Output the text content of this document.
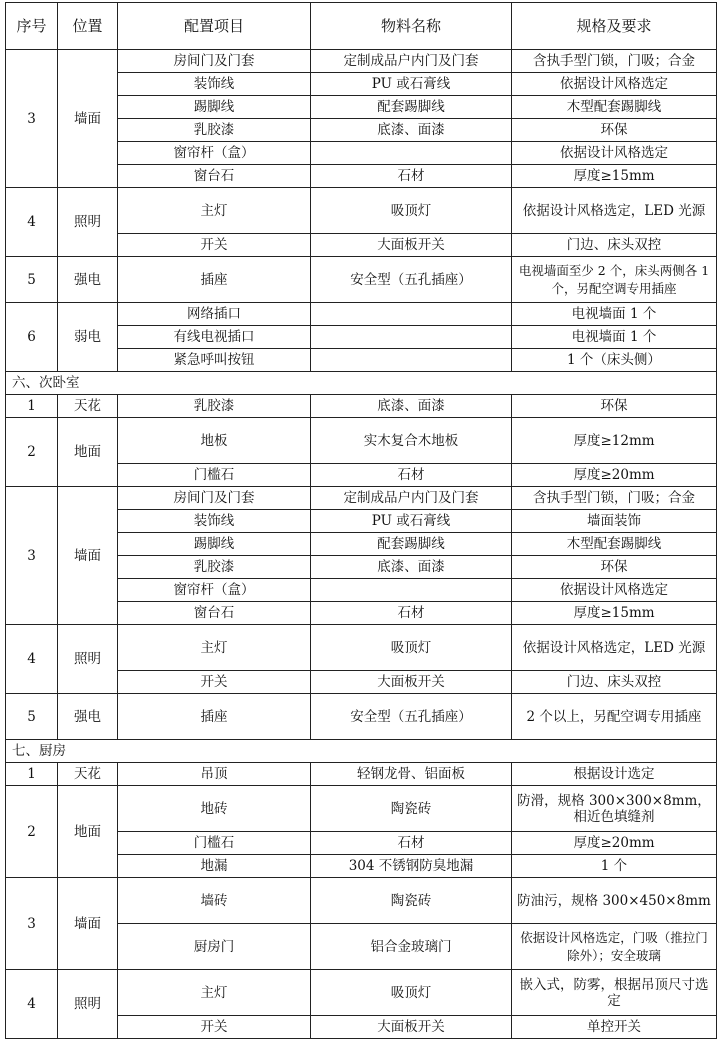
序号	位置	配置项目	物料名称	规格及要求
3	墙面	房间门及门套	定制成品户内门及门套	含执手型门锁，门吸；合金
		装饰线	PU 或石膏线	依据设计风格选定
		踢脚线	配套踢脚线	木型配套踢脚线
		乳胶漆	底漆、面漆	环保
		窗帘杆（盒）		依据设计风格选定
		窗台石	石材	厚度≥15mm
4	照明	主灯	吸顶灯	依据设计风格选定，LED 光源
		开关	大面板开关	门边、床头双控
5	强电	插座	安全型（五孔插座）	电视墙面至少 2 个，床头两侧各 1 个，另配空调专用插座
6	弱电	网络插口		电视墙面 1 个
		有线电视插口		电视墙面 1 个
		紧急呼叫按钮		1 个（床头侧）
六、次卧室				
1	天花	乳胶漆	底漆、面漆	环保
2	地面	地板	实木复合木地板	厚度≥12mm
		门槛石	石材	厚度≥20mm
3	墙面	房间门及门套	定制成品户内门及门套	含执手型门锁，门吸；合金
		装饰线	PU 或石膏线	墙面装饰
		踢脚线	配套踢脚线	木型配套踢脚线
		乳胶漆	底漆、面漆	环保
		窗帘杆（盒）		依据设计风格选定
		窗台石	石材	厚度≥15mm
4	照明	主灯	吸顶灯	依据设计风格选定，LED 光源
		开关	大面板开关	门边、床头双控
5	强电	插座	安全型（五孔插座）	2 个以上，另配空调专用插座
七、厨房				
1	天花	吊顶	轻钢龙骨、铝面板	根据设计选定
2	地面	地砖	陶瓷砖	防滑，规格 300×300×8mm，相近色填缝剂
		门槛石	石材	厚度≥20mm
		地漏	304 不锈钢防臭地漏	1 个
3	墙面	墙砖	陶瓷砖	防油污，规格 300×450×8mm
		厨房门	铝合金玻璃门	依据设计风格选定，门吸（推拉门除外）；安全玻璃
4	照明	主灯	吸顶灯	嵌入式，防雾，根据吊顶尺寸选定
		开关	大面板开关	单控开关
